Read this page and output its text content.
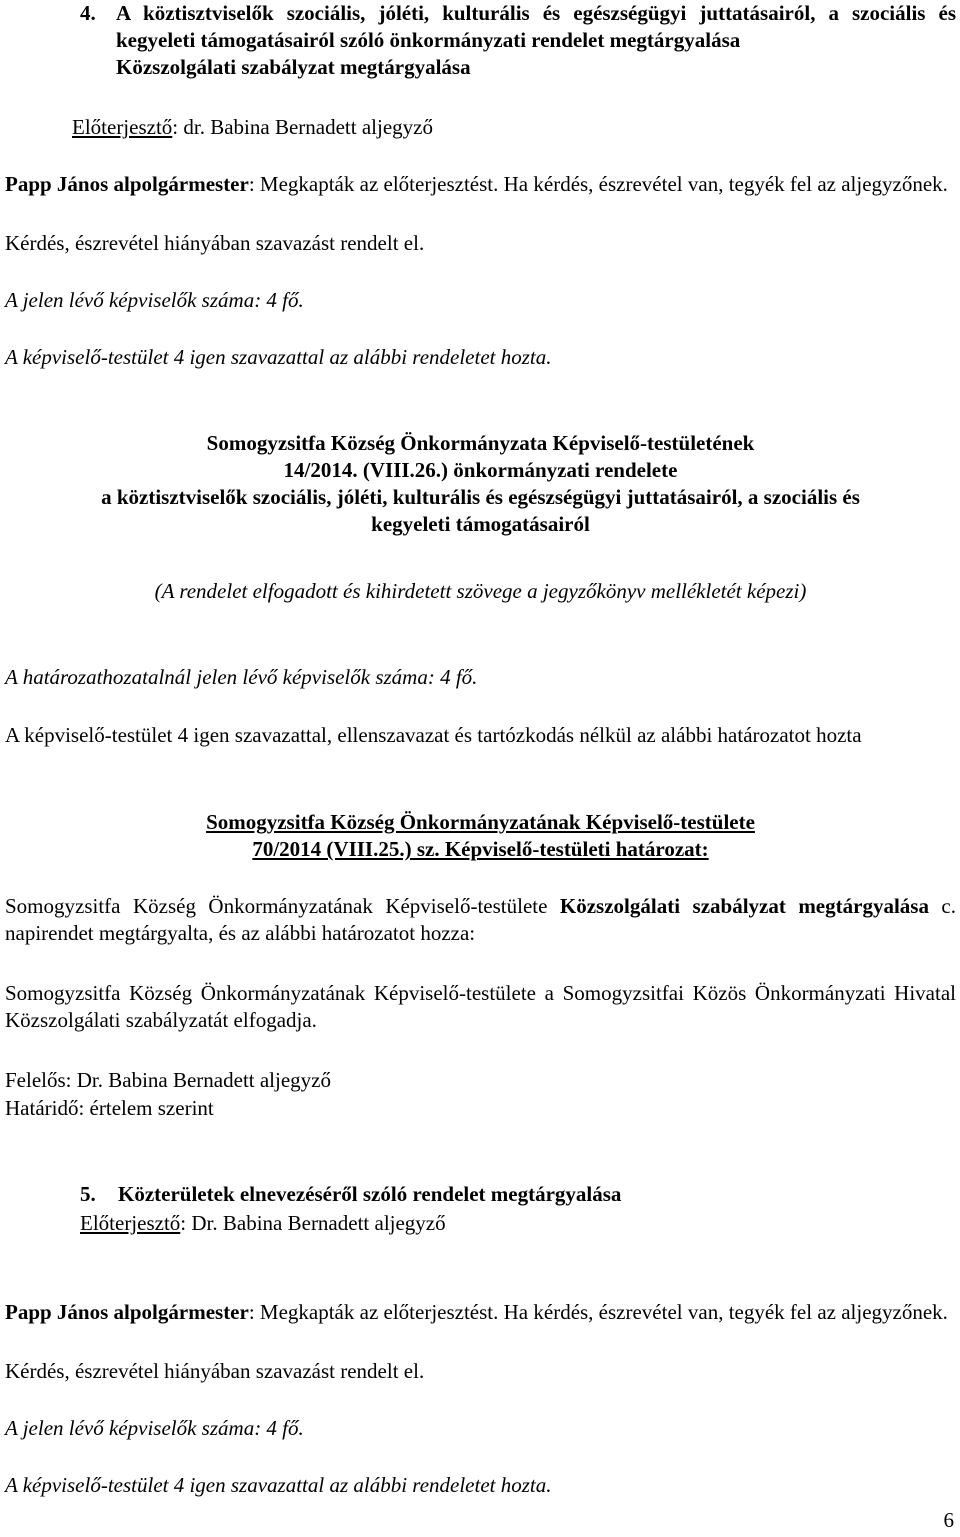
4. A köztisztviselők szociális, jóléti, kulturális és egészségügyi juttatásairól, a szociális és kegyeleti támogatásairól szóló önkormányzati rendelet megtárgyalása
Közszolgálati szabályzat megtárgyalása
Előterjesztő: dr. Babina Bernadett aljegyző
Papp János alpolgármester: Megkapták az előterjesztést. Ha kérdés, észrevétel van, tegyék fel az aljegyzőnek.
Kérdés, észrevétel hiányában szavazást rendelt el.
A jelen lévő képviselők száma: 4 fő.
A képviselő-testület 4 igen szavazattal az alábbi rendeletet hozta.
Somogyzsitfa Község Önkormányzata Képviselő-testületének
14/2014. (VIII.26.) önkormányzati rendelete
a köztisztviselők szociális, jóléti, kulturális és egészségügyi juttatásairól, a szociális és
kegyeleti támogatásairól
(A rendelet elfogadott és kihirdetett szövege a jegyzőkönyv mellékletét képezi)
A határozathozatalnál jelen lévő képviselők száma: 4 fő.
A képviselő-testület 4 igen szavazattal, ellenszavazat és tartózkodás nélkül az alábbi határozatot hozta
Somogyzsitfa Község Önkormányzatának Képviselő-testülete
70/2014 (VIII.25.) sz. Képviselő-testületi határozat:
Somogyzsitfa Község Önkormányzatának Képviselő-testülete Közszolgálati szabályzat megtárgyalása c. napirendet megtárgyalta, és az alábbi határozatot hozza:
Somogyzsitfa Község Önkormányzatának Képviselő-testülete a Somogyzsitfai Közös Önkormányzati Hivatal Közszolgálati szabályzatát elfogadja.
Felelős: Dr. Babina Bernadett aljegyző
Határidő: értelem szerint
5. Közterületek elnevezéséről szóló rendelet megtárgyalása
Előterjesztő: Dr. Babina Bernadett aljegyző
Papp János alpolgármester: Megkapták az előterjesztést. Ha kérdés, észrevétel van, tegyék fel az aljegyzőnek.
Kérdés, észrevétel hiányában szavazást rendelt el.
A jelen lévő képviselők száma: 4 fő.
A képviselő-testület 4 igen szavazattal az alábbi rendeletet hozta.
6
